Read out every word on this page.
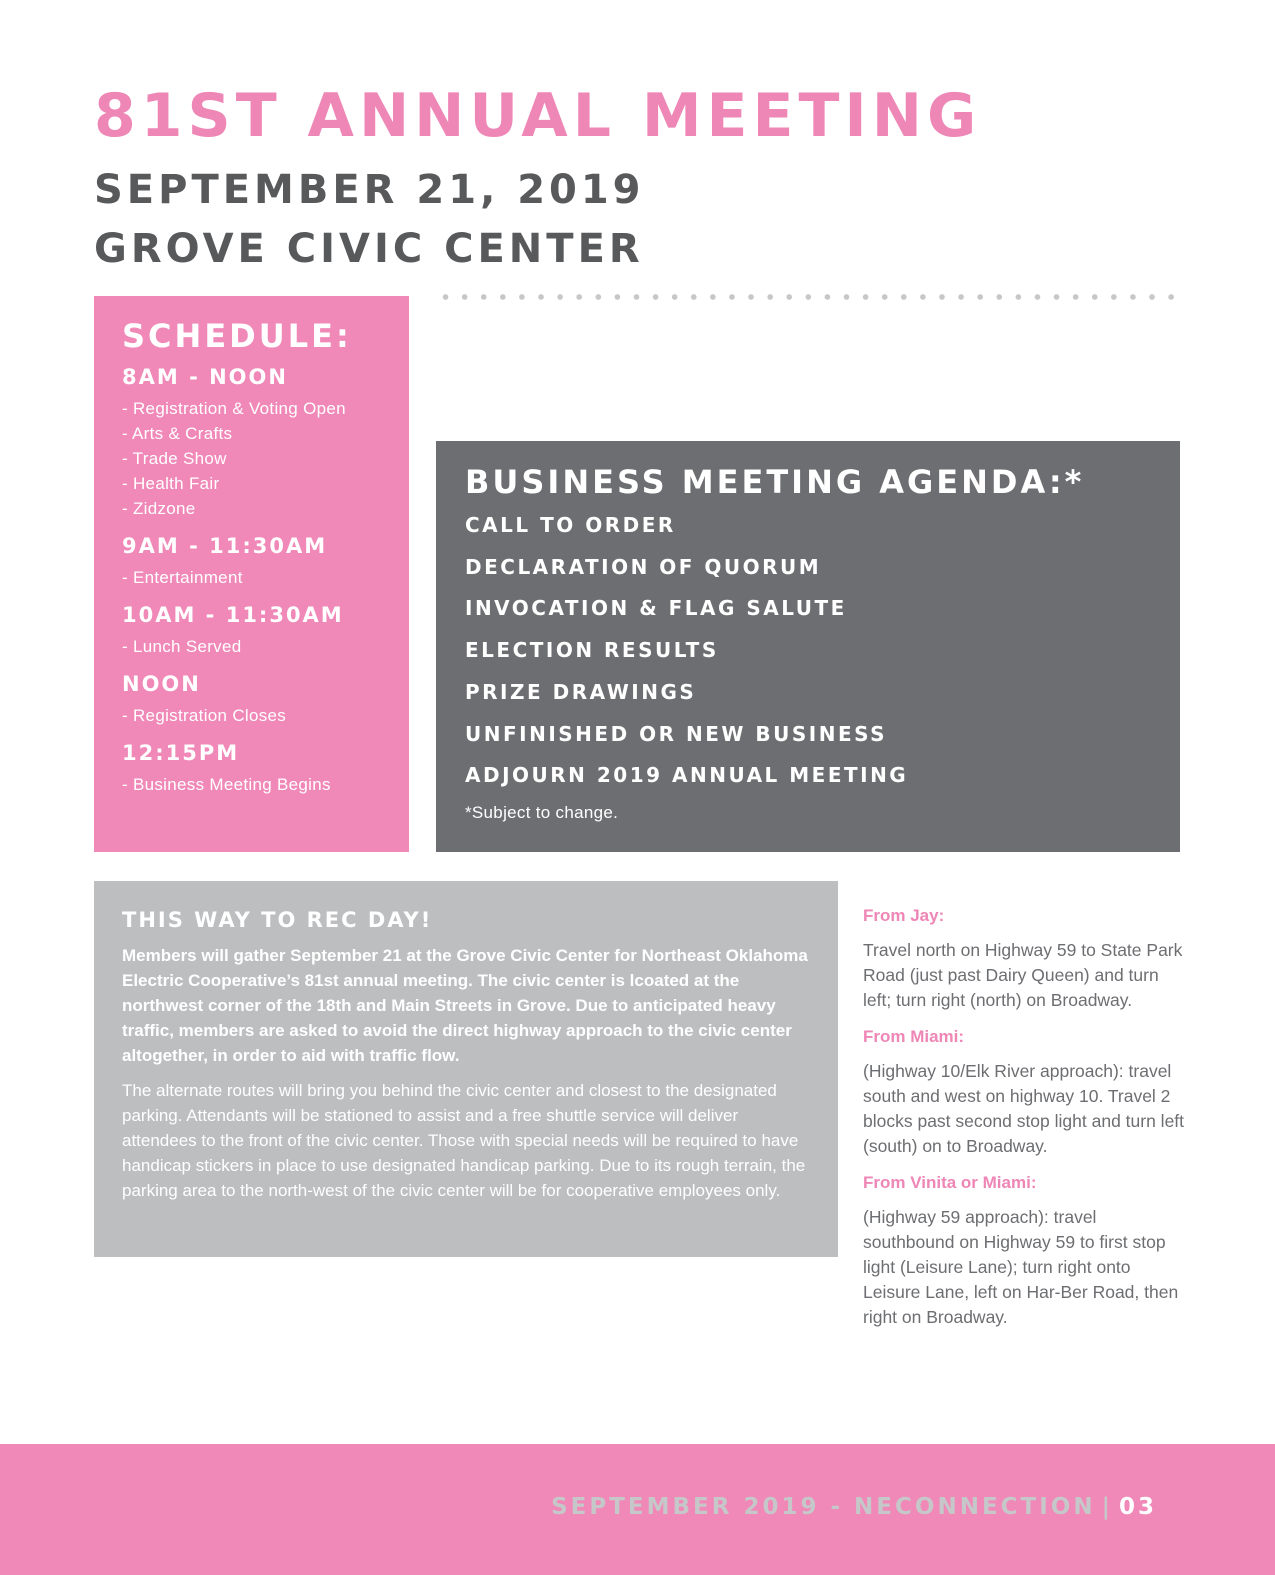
81ST ANNUAL MEETING
SEPTEMBER 21, 2019
GROVE CIVIC CENTER
SCHEDULE:
8AM - NOON
- Registration & Voting Open
- Arts & Crafts
- Trade Show
- Health Fair
- Zidzone
9AM - 11:30AM
- Entertainment
10AM - 11:30AM
- Lunch Served
NOON
- Registration Closes
12:15PM
- Business Meeting Begins
BUSINESS MEETING AGENDA:*
CALL TO ORDER
DECLARATION OF QUORUM
INVOCATION & FLAG SALUTE
ELECTION RESULTS
PRIZE DRAWINGS
UNFINISHED OR NEW BUSINESS
ADJOURN 2019 ANNUAL MEETING

*Subject to change.

THIS WAY TO REC DAY!

Members will gather September 21 at the Grove Civic Center for Northeast Oklahoma Electric Cooperative’s 81st annual meeting. The civic center is lcoated at the northwest corner of the 18th and Main Streets in Grove. Due to anticipated heavy traffic, members are asked to avoid the direct highway approach to the civic center altogether, in order to aid with traffic flow.

The alternate routes will bring you behind the civic center and closest to the designated parking. Attendants will be stationed to assist and a free shuttle service will deliver attendees to the front of the civic center. Those with special needs will be required to have handicap stickers in place to use designated handicap parking. Due to its rough terrain, the parking area to the north-west of the civic center will be for cooperative employees only.

From Jay:

Travel north on Highway 59 to State Park Road (just past Dairy Queen) and turn left; turn right (north) on Broadway.

From Miami:

(Highway 10/Elk River approach): travel south and west on highway 10. Travel 2 blocks past second stop light and turn left (south) on to Broadway.

From Vinita or Miami:

(Highway 59 approach): travel southbound on Highway 59 to first stop light (Leisure Lane); turn right onto Leisure Lane, left on Har-Ber Road, then right on Broadway.

SEPTEMBER 2019 - NECONNECTION | 03
